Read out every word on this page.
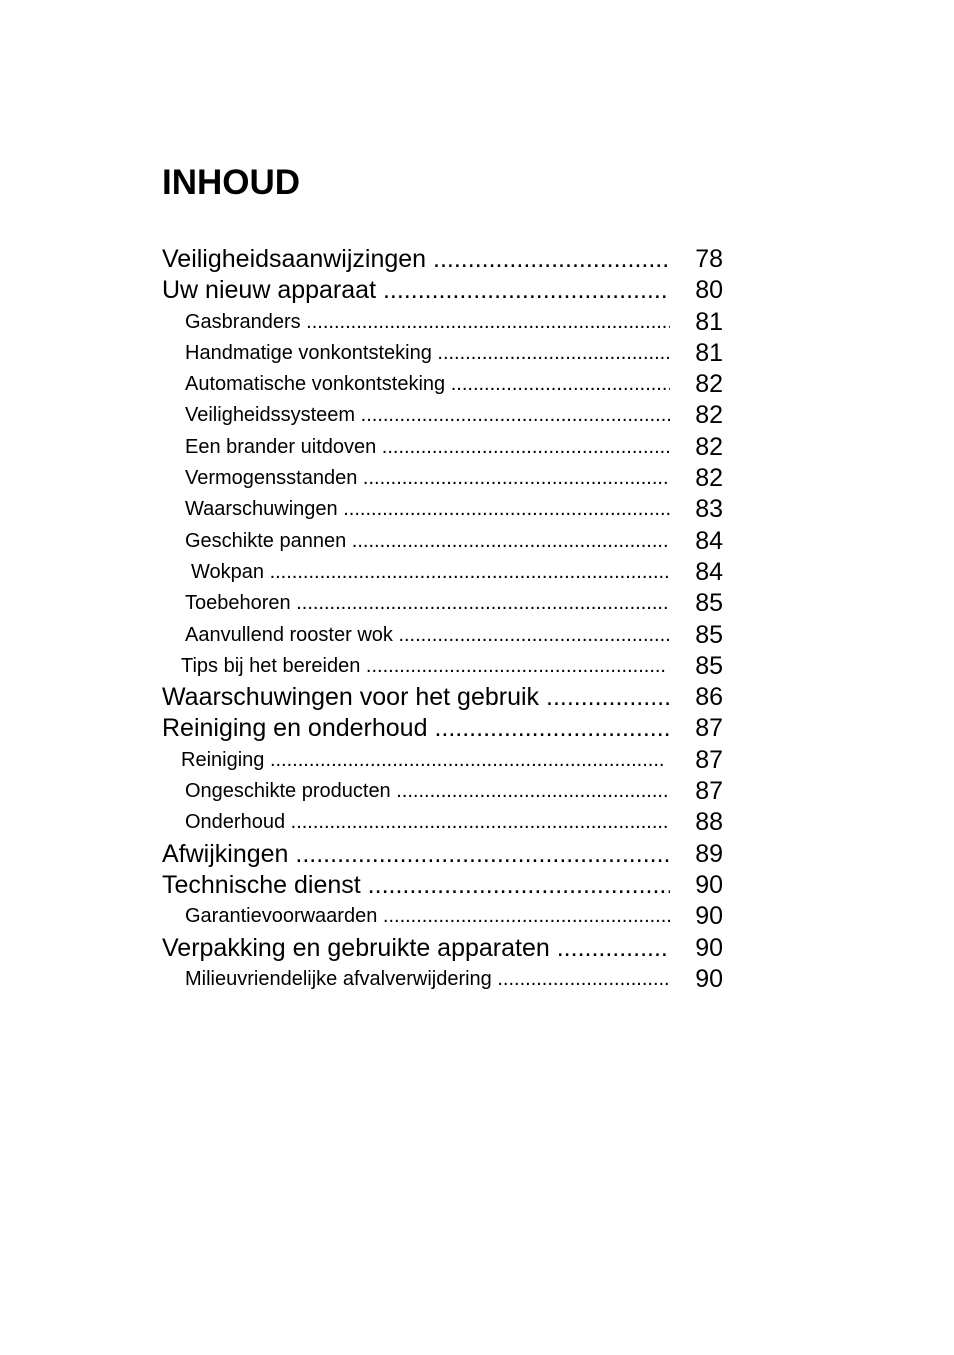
INHOUD
Veiligheidsaanwijzingen .....	78
Uw nieuw apparaat .....	80
Gasbranders .....	81
Handmatige vonkontsteking .....	81
Automatische vonkontsteking .....	82
Veiligheidssysteem .....	82
Een brander uitdoven .....	82
Vermogensstanden .....	82
Waarschuwingen .....	83
Geschikte pannen .....	84
Wokpan .....	84
Toebehoren .....	85
Aanvullend rooster wok .....	85
Tips bij het bereiden .....	85
Waarschuwingen voor het gebruik .....	86
Reiniging en onderhoud .....	87
Reiniging .....	87
Ongeschikte producten .....	87
Onderhoud .....	88
Afwijkingen .....	89
Technische dienst .....	90
Garantievoorwaarden .....	90
Verpakking en gebruikte apparaten .....	90
Milieuvriendelijke afvalverwijdering .....	90
